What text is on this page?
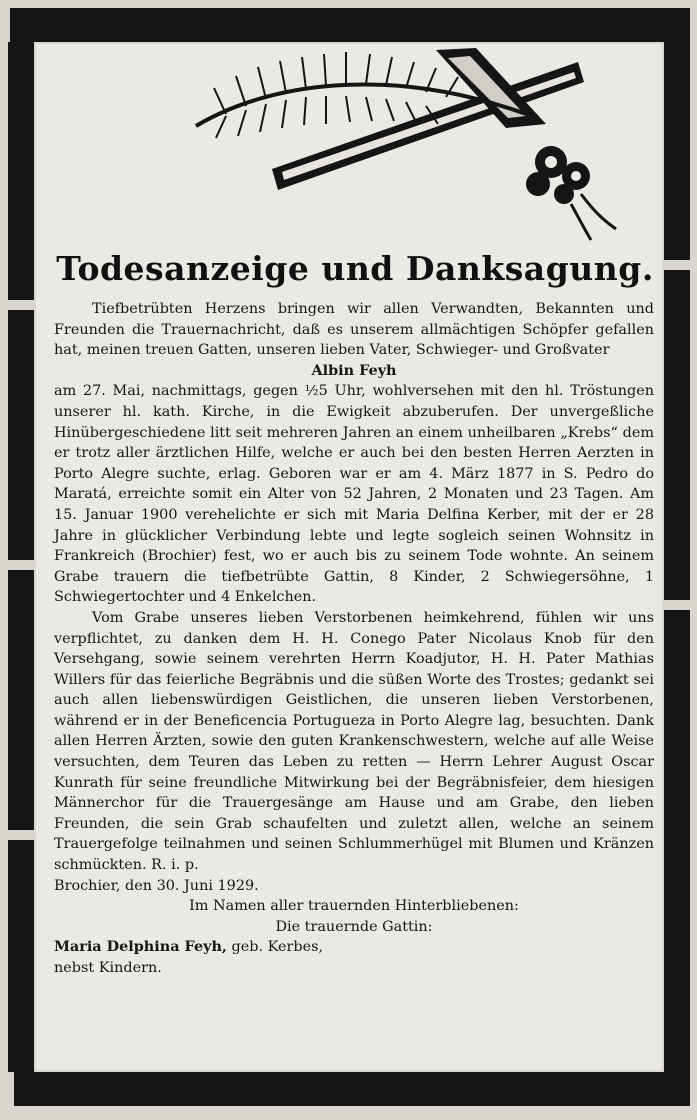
Todesanzeige und Danksagung.

Tiefbetrübten Herzens bringen wir allen Verwandten, Bekannten und Freunden die Trauernachricht, daß es unserem allmächtigen Schöpfer gefallen hat, meinen treuen Gatten, unseren lieben Vater, Schwieger- und Großvater

Albin Feyh

am 27. Mai, nachmittags, gegen ½5 Uhr, wohlversehen mit den hl. Tröstungen unserer hl. kath. Kirche, in die Ewigkeit abzuberufen. Der unvergeßliche Hinübergeschiedene litt seit mehreren Jahren an einem unheilbaren „Krebs“ dem er trotz aller ärztlichen Hilfe, welche er auch bei den besten Herren Aerzten in Porto Alegre suchte, erlag. Geboren war er am 4. März 1877 in S. Pedro do Maratá, erreichte somit ein Alter von 52 Jahren, 2 Monaten und 23 Tagen. Am 15. Januar 1900 verehelichte er sich mit Maria Delfina Kerber, mit der er 28 Jahre in glücklicher Verbindung lebte und legte sogleich seinen Wohnsitz in Frankreich (Brochier) fest, wo er auch bis zu seinem Tode wohnte. An seinem Grabe trauern die tiefbetrübte Gattin, 8 Kinder, 2 Schwiegersöhne, 1 Schwiegertochter und 4 Enkelchen.

Vom Grabe unseres lieben Verstorbenen heimkehrend, fühlen wir uns verpflichtet, zu danken dem H. H. Conego Pater Nicolaus Knob für den Versehgang, sowie seinem verehrten Herrn Koadjutor, H. H. Pater Mathias Willers für das feierliche Begräbnis und die süßen Worte des Trostes; gedankt sei auch allen liebenswürdigen Geistlichen, die unseren lieben Verstorbenen, während er in der Beneficencia Portugueza in Porto Alegre lag, besuchten. Dank allen Herren Ärzten, sowie den guten Krankenschwestern, welche auf alle Weise versuchten, dem Teuren das Leben zu retten — Herrn Lehrer August Oscar Kunrath für seine freundliche Mitwirkung bei der Begräbnisfeier, dem hiesigen Männerchor für die Trauergesänge am Hause und am Grabe, den lieben Freunden, die sein Grab schaufelten und zuletzt allen, welche an seinem Trauergefolge teilnahmen und seinen Schlummerhügel mit Blumen und Kränzen schmückten. R. i. p.

Brochier, den 30. Juni 1929.

Im Namen aller trauernden Hinterbliebenen:

Die trauernde Gattin:

Maria Delphina Feyh, geb. Kerbes,

nebst Kindern.
